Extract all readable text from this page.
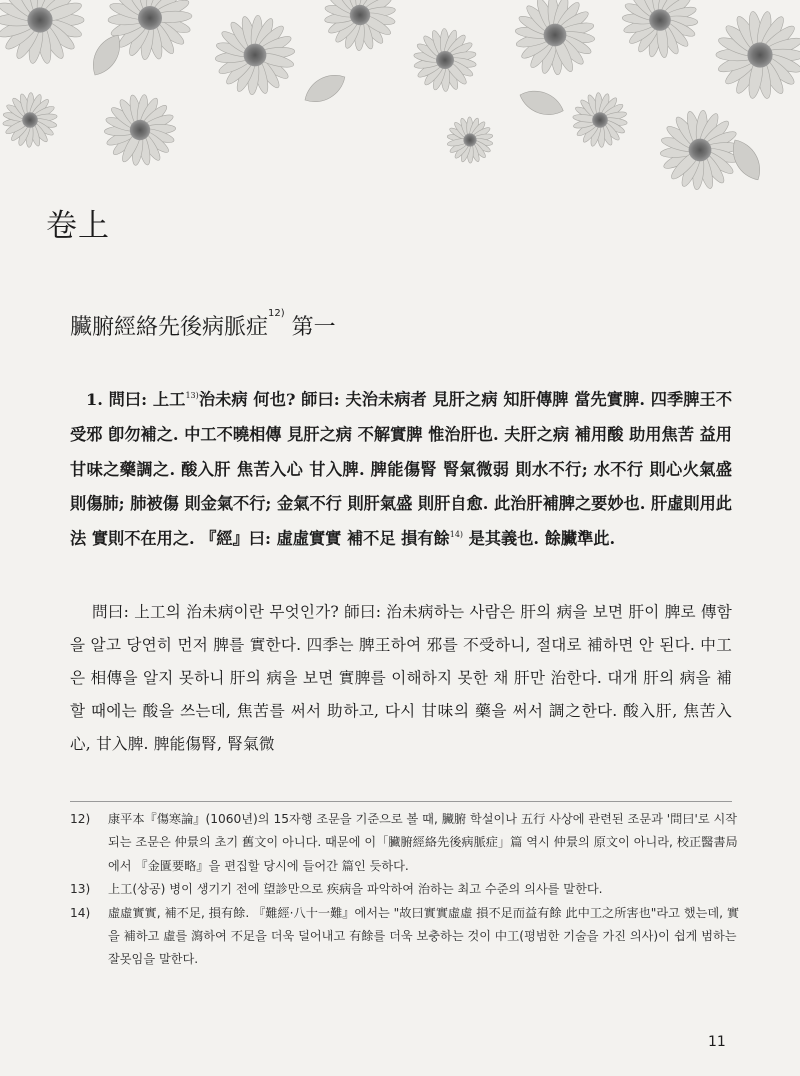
卷上
臟腑經絡先後病脈症$^{12)}$ 第一

1. 問曰: 上工$^{13)}$治未病 何也? 師曰: 夫治未病者 見肝之病 知肝傳脾 當先實脾. 四季脾王不受邪 卽勿補之. 中工不曉相傳 見肝之病 不解實脾 惟治肝也. 夫肝之病 補用酸 助用焦苦 益用甘味之藥調之. 酸入肝 焦苦入心 甘入脾. 脾能傷腎 腎氣微弱 則水不行; 水不行 則心火氣盛 則傷肺; 肺被傷 則金氣不行; 金氣不行 則肝氣盛 則肝自愈. 此治肝補脾之要妙也. 肝虛則用此法 實則不在用之. 『經』曰: 虛虛實實 補不足 損有餘$^{14)}$ 是其義也. 餘臟準此.

問曰: 上工의 治未病이란 무엇인가? 師曰: 治未病하는 사람은 肝의 病을 보면 肝이 脾로 傳함을 알고 당연히 먼저 脾를 實한다. 四季는 脾王하여 邪를 不受하니, 절대로 補하면 안 된다. 中工은 相傳을 알지 못하니 肝의 病을 보면 實脾를 이해하지 못한 채 肝만 治한다. 대개 肝의 病을 補할 때에는 酸을 쓰는데, 焦苦를 써서 助하고, 다시 甘味의 藥을 써서 調之한다. 酸入肝, 焦苦入心, 甘入脾. 脾能傷腎, 腎氣微

12)	康平本『傷寒論』(1060년)의 15자행 조문을 기준으로 볼 때, 臟腑 학설이나 五行 사상에 관련된 조문과 '問曰'로 시작되는 조문은 仲景의 초기 舊文이 아니다. 때문에 이「臟腑經絡先後病脈症」篇 역시 仲景의 原文이 아니라, 校正醫書局에서 『金匱要略』을 편집할 당시에 들어간 篇인 듯하다.
13)	上工(상공) 병이 생기기 전에 望診만으로 疾病을 파악하여 治하는 최고 수준의 의사를 말한다.
14)	虛虛實實, 補不足, 損有餘. 『難經·八十一難』에서는 "故曰實實虛虛 損不足而益有餘 此中工之所害也"라고 했는데, 實을 補하고 虛를 瀉하여 不足을 더욱 덜어내고 有餘를 더욱 보충하는 것이 中工(평범한 기술을 가진 의사)이 쉽게 범하는 잘못임을 말한다.
11
